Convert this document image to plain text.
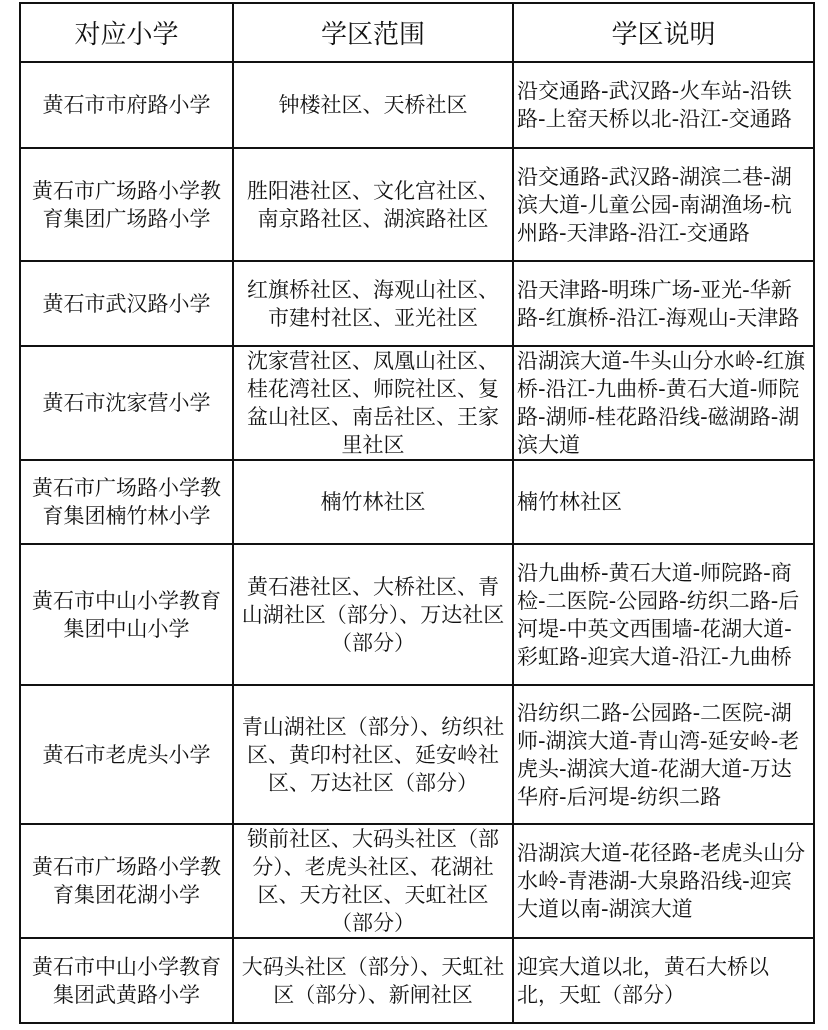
对应小学	学区范围	学区说明
黄石市市府路小学	钟楼社区、天桥社区	沿交通路-武汉路-火车站-沿铁路-上窑天桥以北-沿江-交通路
黄石市广场路小学教育集团广场路小学	胜阳港社区、文化宫社区、南京路社区、湖滨路社区	沿交通路-武汉路-湖滨二巷-湖滨大道-儿童公园-南湖渔场-杭州路-天津路-沿江-交通路
黄石市武汉路小学	红旗桥社区、海观山社区、市建村社区、亚光社区	沿天津路-明珠广场-亚光-华新路-红旗桥-沿江-海观山-天津路
黄石市沈家营小学	沈家营社区、凤凰山社区、桂花湾社区、师院社区、复盆山社区、南岳社区、王家里社区	沿湖滨大道-牛头山分水岭-红旗桥-沿江-九曲桥-黄石大道-师院路-湖师-桂花路沿线-磁湖路-湖滨大道
黄石市广场路小学教育集团楠竹林小学	楠竹林社区	楠竹林社区
黄石市中山小学教育集团中山小学	黄石港社区、大桥社区、青山湖社区（部分）、万达社区（部分）	沿九曲桥-黄石大道-师院路-商检-二医院-公园路-纺织二路-后河堤-中英文西围墙-花湖大道-彩虹路-迎宾大道-沿江-九曲桥
黄石市老虎头小学	青山湖社区（部分）、纺织社区、黄印村社区、延安岭社区、万达社区（部分）	沿纺织二路-公园路-二医院-湖师-湖滨大道-青山湾-延安岭-老虎头-湖滨大道-花湖大道-万达华府-后河堤-纺织二路
黄石市广场路小学教育集团花湖小学	锁前社区、大码头社区（部分）、老虎头社区、花湖社区、天方社区、天虹社区（部分）	沿湖滨大道-花径路-老虎头山分水岭-青港湖-大泉路沿线-迎宾大道以南-湖滨大道
黄石市中山小学教育集团武黄路小学	大码头社区（部分）、天虹社区（部分）、新闸社区	迎宾大道以北，黄石大桥以北，天虹（部分）
